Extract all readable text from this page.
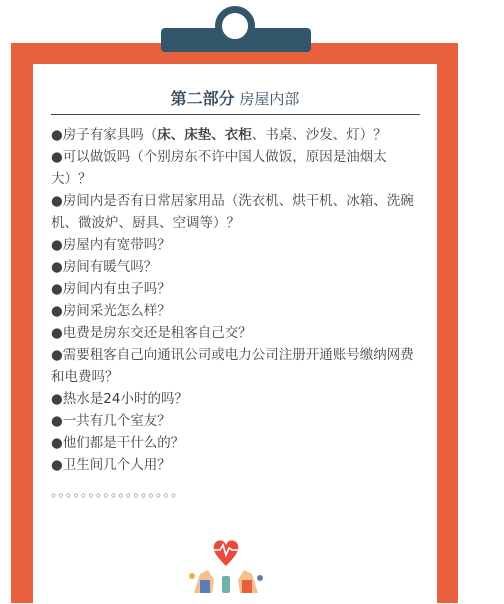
第二部分 房屋内部

●房子有家具吗（床、床垫、衣柜、书桌、沙发、灯）？

●可以做饭吗（个别房东不许中国人做饭，原因是油烟太大）？

●房间内是否有日常居家用品（洗衣机、烘干机、冰箱、洗碗机、微波炉、厨具、空调等）？

●房屋内有宽带吗？

●房间有暖气吗？

●房间内有虫子吗？

●房间采光怎么样？

●电费是房东交还是租客自己交？

●需要租客自己向通讯公司或电力公司注册开通账号缴纳网费和电费吗？

●热水是24小时的吗？

●一共有几个室友？

●他们都是干什么的？

●卫生间几个人用？

。。。。。。。。。。。。。。。。。
